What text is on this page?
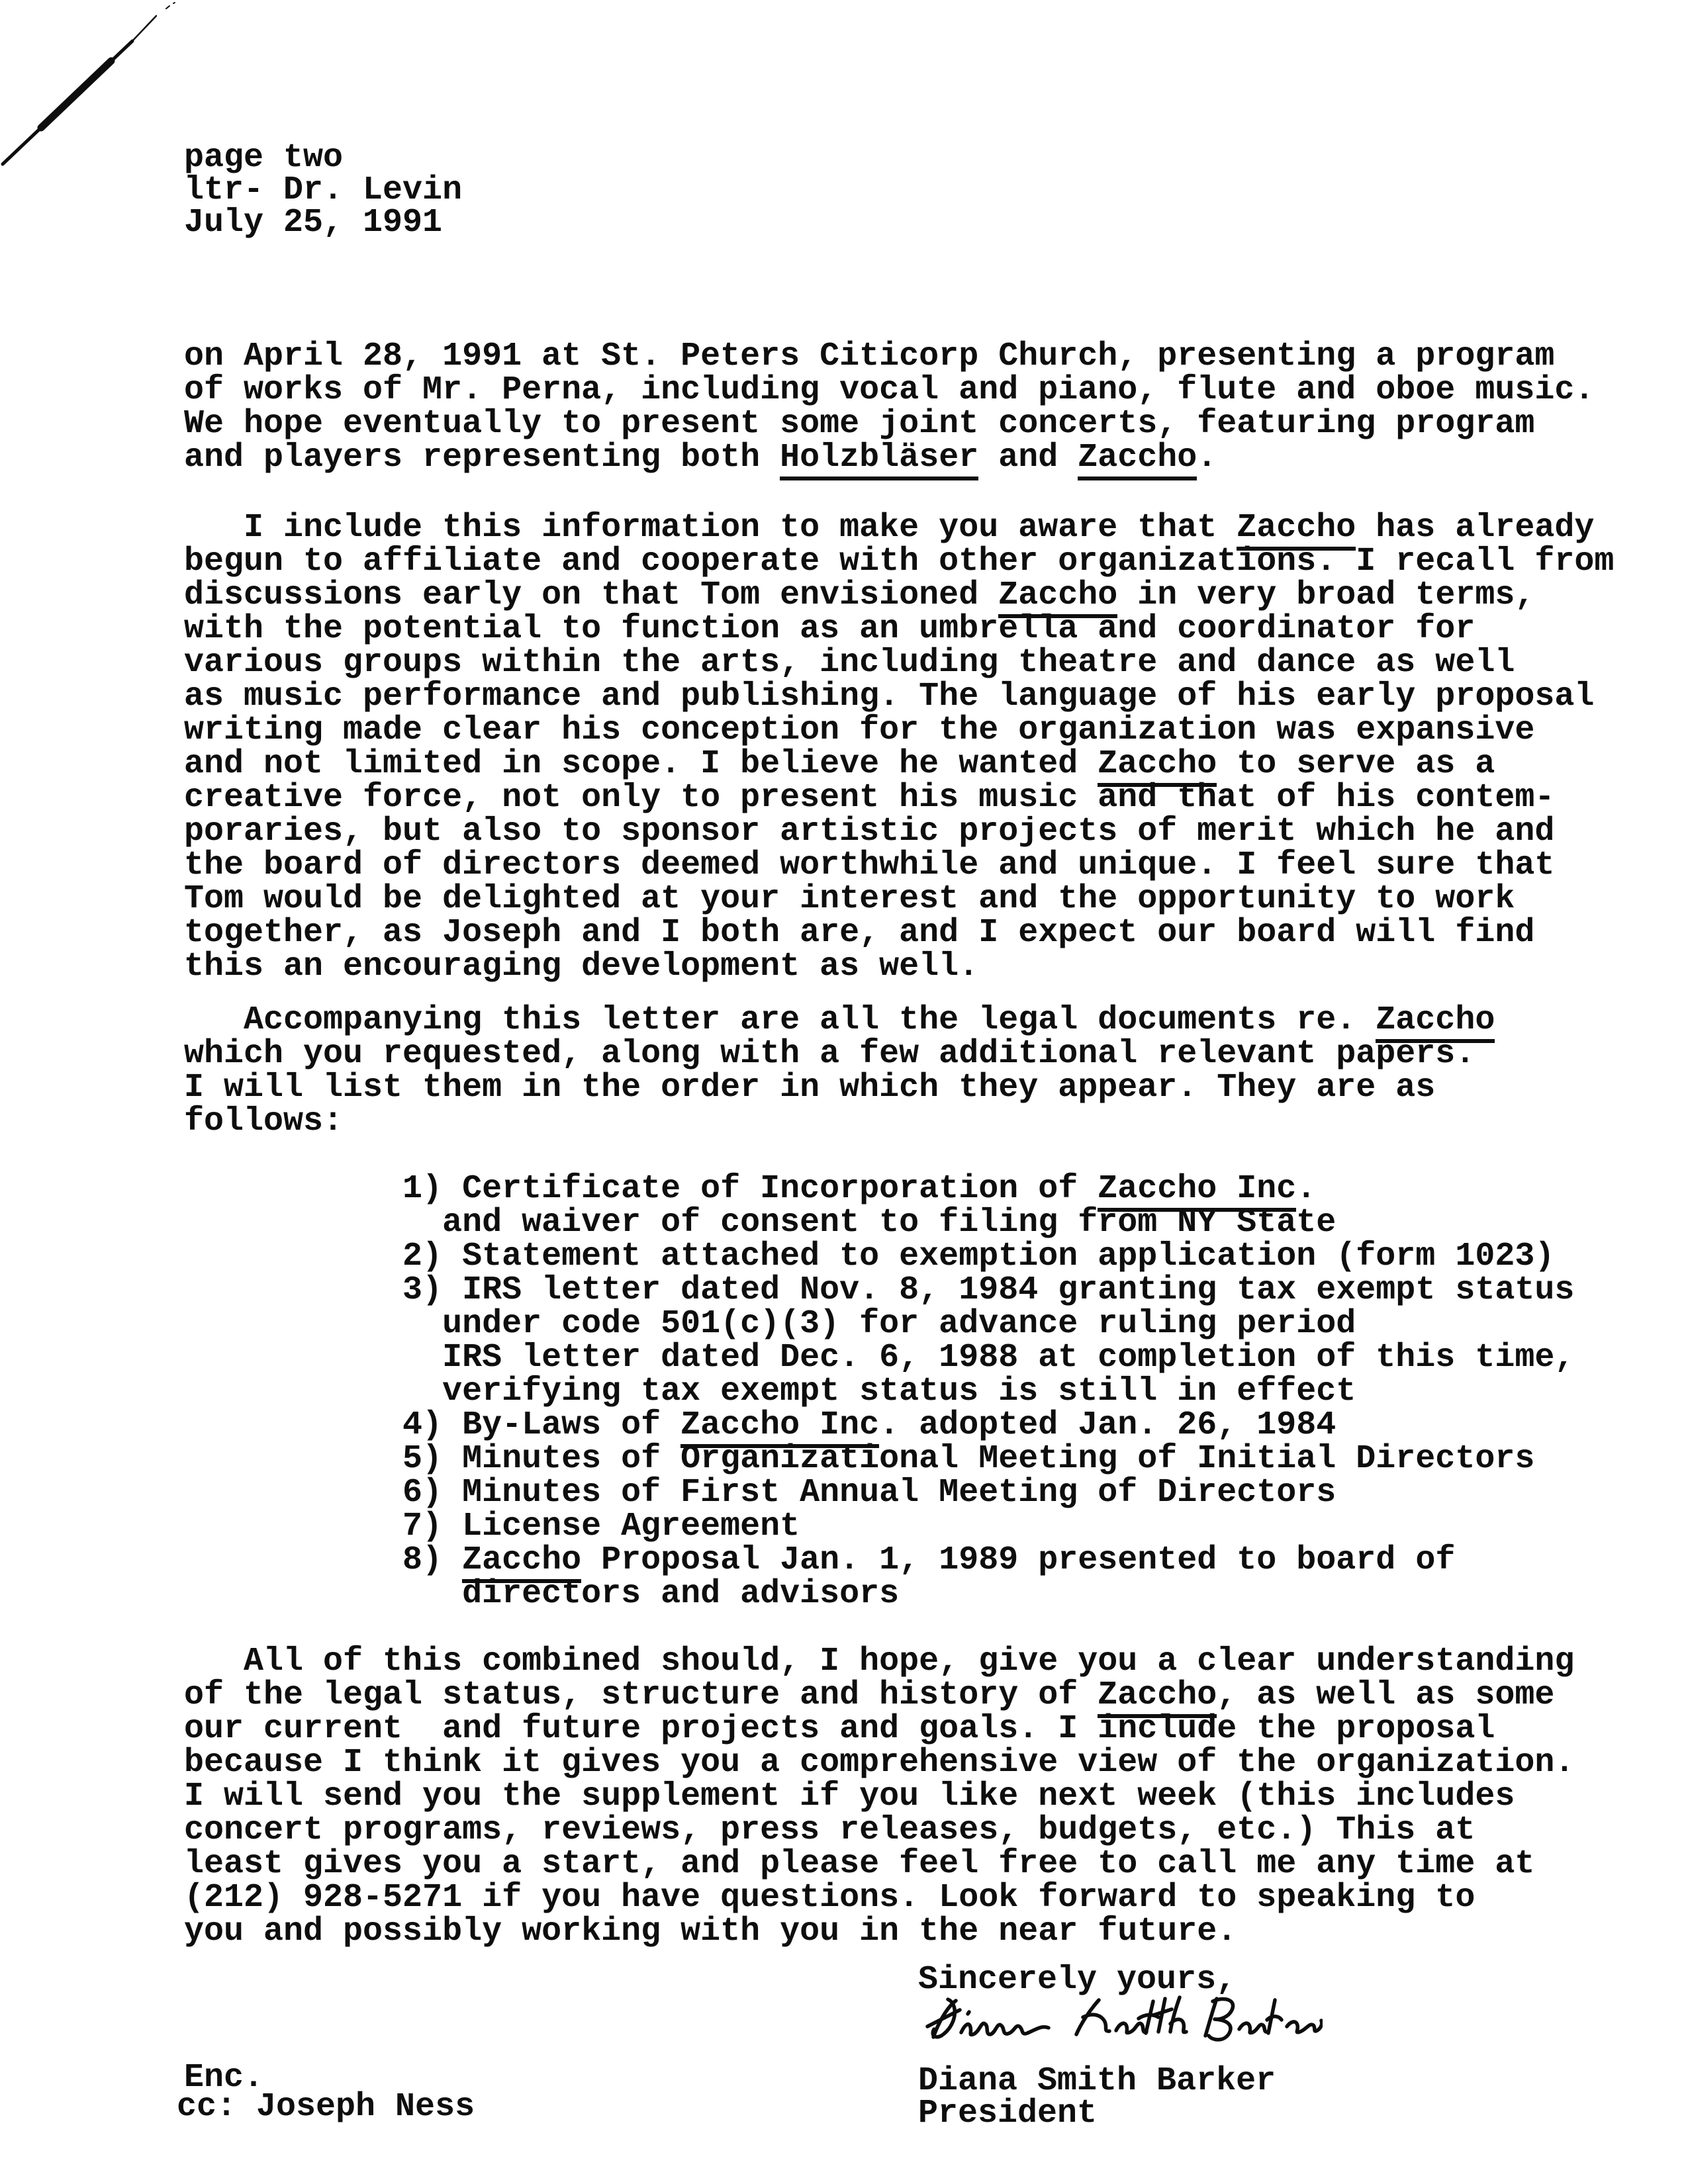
page two
ltr- Dr. Levin
July 25, 1991
on April 28, 1991 at St. Peters Citicorp Church, presenting a program
of works of Mr. Perna, including vocal and piano, flute and oboe music.
We hope eventually to present some joint concerts, featuring program
and players representing both Holzbläser and Zaccho.
I include this information to make you aware that Zaccho has already
begun to affiliate and cooperate with other organizations. I recall from
discussions early on that Tom envisioned Zaccho in very broad terms,
with the potential to function as an umbrella and coordinator for
various groups within the arts, including theatre and dance as well
as music performance and publishing. The language of his early proposal
writing made clear his conception for the organization was expansive
and not limited in scope. I believe he wanted Zaccho to serve as a
creative force, not only to present his music and that of his contem-
poraries, but also to sponsor artistic projects of merit which he and
the board of directors deemed worthwhile and unique. I feel sure that
Tom would be delighted at your interest and the opportunity to work
together, as Joseph and I both are, and I expect our board will find
this an encouraging development as well.
Accompanying this letter are all the legal documents re. Zaccho
which you requested, along with a few additional relevant papers.
I will list them in the order in which they appear. They are as
follows:
1) Certificate of Incorporation of Zaccho Inc.
and waiver of consent to filing from NY State
2) Statement attached to exemption application (form 1023)
3) IRS letter dated Nov. 8, 1984 granting tax exempt status
under code 501(c)(3) for advance ruling period
IRS letter dated Dec. 6, 1988 at completion of this time,
verifying tax exempt status is still in effect
4) By-Laws of Zaccho Inc. adopted Jan. 26, 1984
5) Minutes of Organizational Meeting of Initial Directors
6) Minutes of First Annual Meeting of Directors
7) License Agreement
8) Zaccho Proposal Jan. 1, 1989 presented to board of
directors and advisors
All of this combined should, I hope, give you a clear understanding
of the legal status, structure and history of Zaccho, as well as some
our current  and future projects and goals. I include the proposal
because I think it gives you a comprehensive view of the organization.
I will send you the supplement if you like next week (this includes
concert programs, reviews, press releases, budgets, etc.) This at
least gives you a start, and please feel free to call me any time at
(212) 928-5271 if you have questions. Look forward to speaking to
you and possibly working with you in the near future.
Sincerely yours,
Diana Smith Barker
President
Enc.
cc: Joseph Ness
